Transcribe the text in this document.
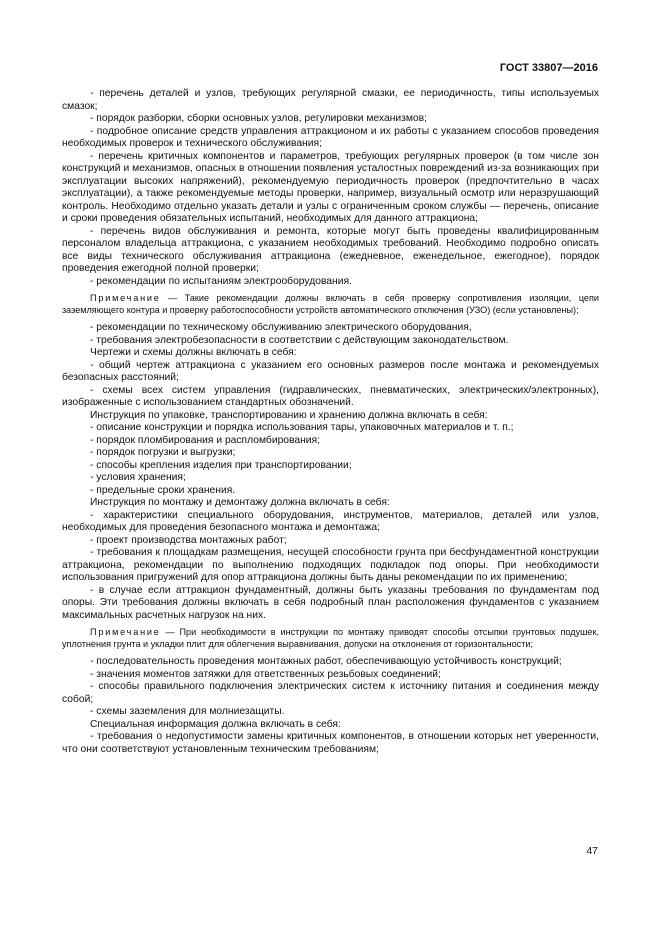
ГОСТ 33807—2016

- перечень деталей и узлов, требующих регулярной смазки, ее периодичность, типы используемых смазок;

- порядок разборки, сборки основных узлов, регулировки механизмов;

- подробное описание средств управления аттракционом и их работы с указанием способов проведения необходимых проверок и технического обслуживания;

- перечень критичных компонентов и параметров, требующих регулярных проверок (в том числе зон конструкций и механизмов, опасных в отношении появления усталостных повреждений из-за возникающих при эксплуатации высоких напряжений), рекомендуемую периодичность проверок (предпочтительно в часах эксплуатации), а также рекомендуемые методы проверки, например, визуальный осмотр или неразрушающий контроль. Необходимо отдельно указать детали и узлы с ограниченным сроком службы — перечень, описание и сроки проведения обязательных испытаний, необходимых для данного аттракциона;

- перечень видов обслуживания и ремонта, которые могут быть проведены квалифицированным персоналом владельца аттракциона, с указанием необходимых требований. Необходимо подробно описать все виды технического обслуживания аттракциона (ежедневное, еженедельное, ежегодное), порядок проведения ежегодной полной проверки;

- рекомендации по испытаниям электрооборудования.

Примечание — Такие рекомендации должны включать в себя проверку сопротивления изоляции, цепи заземляющего контура и проверку работоспособности устройств автоматического отключения (УЗО) (если установлены);

- рекомендации по техническому обслуживанию электрического оборудования,

- требования электробезопасности в соответствии с действующим законодательством.

Чертежи и схемы должны включать в себя:

- общий чертеж аттракциона с указанием его основных размеров после монтажа и рекомендуемых безопасных расстояний;

- схемы всех систем управления (гидравлических, пневматических, электрических/электронных), изображенные с использованием стандартных обозначений.

Инструкция по упаковке, транспортированию и хранению должна включать в себя:

- описание конструкции и порядка использования тары, упаковочных материалов и т. п.;

- порядок пломбирования и распломбирования;

- порядок погрузки и выгрузки;

- способы крепления изделия при транспортировании;

- условия хранения;

- предельные сроки хранения.

Инструкция по монтажу и демонтажу должна включать в себя:

- характеристики специального оборудования, инструментов, материалов, деталей или узлов, необходимых для проведения безопасного монтажа и демонтажа;

- проект производства монтажных работ;

- требования к площадкам размещения, несущей способности грунта при бесфундаментной конструкции аттракциона, рекомендации по выполнению подходящих подкладок под опоры. При необходимости использования пригружений для опор аттракциона должны быть даны рекомендации по их применению;

- в случае если аттракцион фундаментный, должны быть указаны требования по фундаментам под опоры. Эти требования должны включать в себя подробный план расположения фундаментов с указанием максимальных расчетных нагрузок на них.

Примечание — При необходимости в инструкции по монтажу приводят способы отсыпки грунтовых подушек, уплотнения грунта и укладки плит для облегчения выравнивания, допуски на отклонения от горизонтальности;

- последовательность проведения монтажных работ, обеспечивающую устойчивость конструкций;

- значения моментов затяжки для ответственных резьбовых соединений;

- способы правильного подключения электрических систем к источнику питания и соединения между собой;

- схемы заземления для молниезащиты.

Специальная информация должна включать в себя:

- требования о недопустимости замены критичных компонентов, в отношении которых нет уверенности, что они соответствуют установленным техническим требованиям;

47
